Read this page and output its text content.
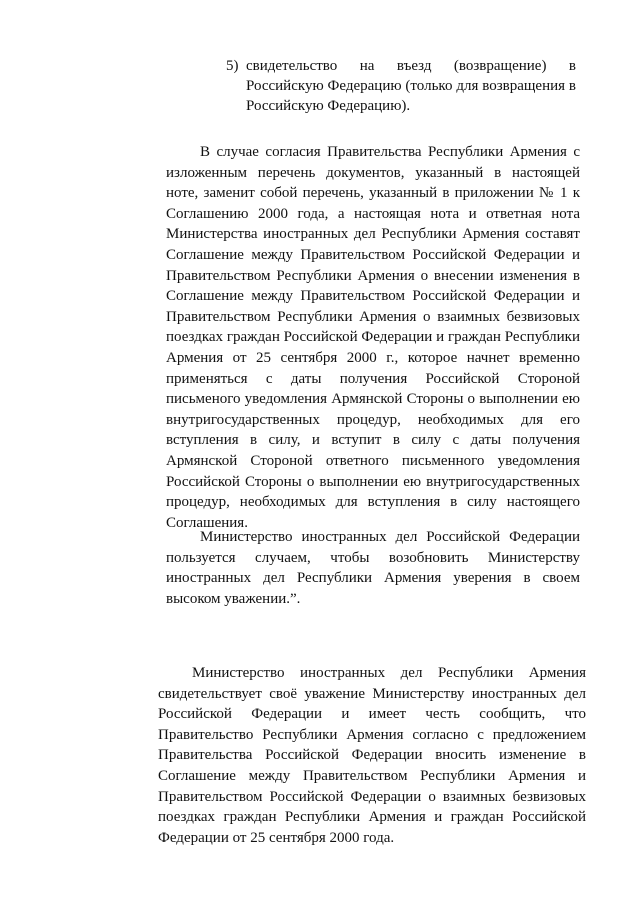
5) свидетельство на въезд (возвращение) в Российскую Федерацию (только для возвращения в Российскую Федерацию).
В случае согласия Правительства Республики Армения с изложенным перечень документов, указанный в настоящей ноте, заменит собой перечень, указанный в приложении № 1 к Соглашению 2000 года, а настоящая нота и ответная нота Министерства иностранных дел Республики Армения составят Соглашение между Правительством Российской Федерации и Правительством Республики Армения о внесении изменения в Соглашение между Правительством Российской Федерации и Правительством Республики Армения о взаимных безвизовых поездках граждан Российской Федерации и граждан Республики Армения от 25 сентября 2000 г., которое начнет временно применяться с даты получения Российской Стороной письменого уведомления Армянской Стороны о выполнении ею внутригосударственных процедур, необходимых для его вступления в силу, и вступит в силу с даты получения Армянской Стороной ответного письменного уведомления Российской Стороны о выполнении ею внутригосударственных процедур, необходимых для вступления в силу настоящего Соглашения.
Министерство иностранных дел Российской Федерации пользуется случаем, чтобы возобновить Министерству иностранных дел Республики Армения уверения в своем высоком уважении.”.
Министерство иностранных дел Республики Армения свидетельствует своё уважение Министерству иностранных дел Российской Федерации и имеет честь сообщить, что Правительство Республики Армения согласно с предложением Правительства Российской Федерации вносить изменение в Соглашение между Правительством Республики Армения и Правительством Российской Федерации о взаимных безвизовых поездках граждан Республики Армения и граждан Российской Федерации от 25 сентября 2000 года.
